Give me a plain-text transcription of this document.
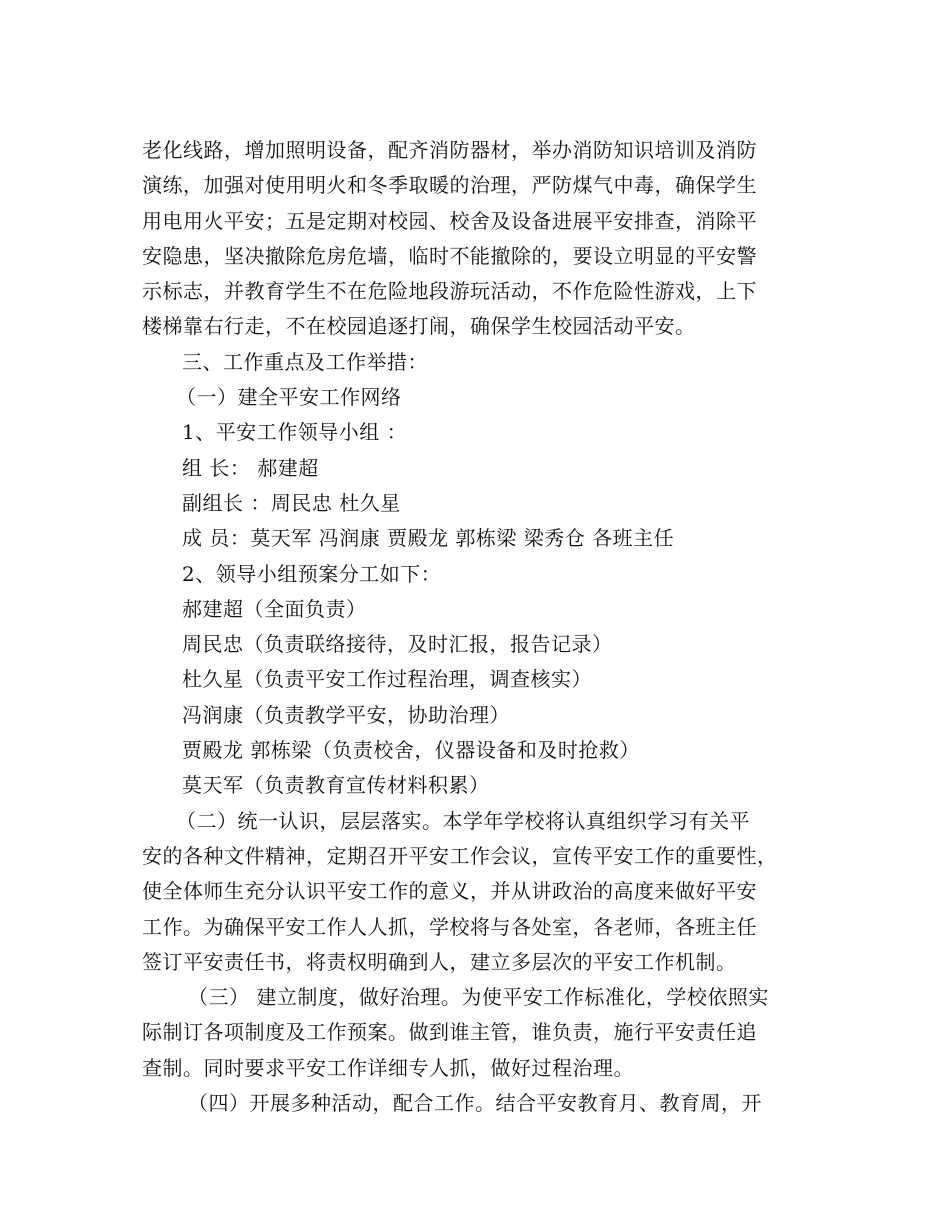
老化线路，增加照明设备，配齐消防器材，举办消防知识培训及消防
演练，加强对使用明火和冬季取暖的治理，严防煤气中毒，确保学生
用电用火平安；五是定期对校园、校舍及设备进展平安排查，消除平
安隐患，坚决撤除危房危墙，临时不能撤除的，要设立明显的平安警
示标志，并教育学生不在危险地段游玩活动，不作危险性游戏，上下
楼梯靠右行走，不在校园追逐打闹，确保学生校园活动平安。
三、工作重点及工作举措：
（一）建全平安工作网络
1、平安工作领导小组 ：
组 长： 郝建超
副组长 ：周民忠 杜久星
成 员：莫天军 冯润康 贾殿龙 郭栋梁 梁秀仓 各班主任
2、领导小组预案分工如下：
郝建超（全面负责）
周民忠（负责联络接待，及时汇报，报告记录）
杜久星（负责平安工作过程治理，调查核实）
冯润康（负责教学平安，协助治理）
贾殿龙 郭栋梁（负责校舍，仪器设备和及时抢救）
莫天军（负责教育宣传材料积累）
（二）统一认识，层层落实。本学年学校将认真组织学习有关平
安的各种文件精神，定期召开平安工作会议，宣传平安工作的重要性，
使全体师生充分认识平安工作的意义，并从讲政治的高度来做好平安
工作。为确保平安工作人人抓，学校将与各处室，各老师，各班主任
签订平安责任书，将责权明确到人，建立多层次的平安工作机制。
（三） 建立制度，做好治理。为使平安工作标准化，学校依照实
际制订各项制度及工作预案。做到谁主管，谁负责，施行平安责任追
查制。同时要求平安工作详细专人抓，做好过程治理。
（四）开展多种活动，配合工作。结合平安教育月、教育周，开
